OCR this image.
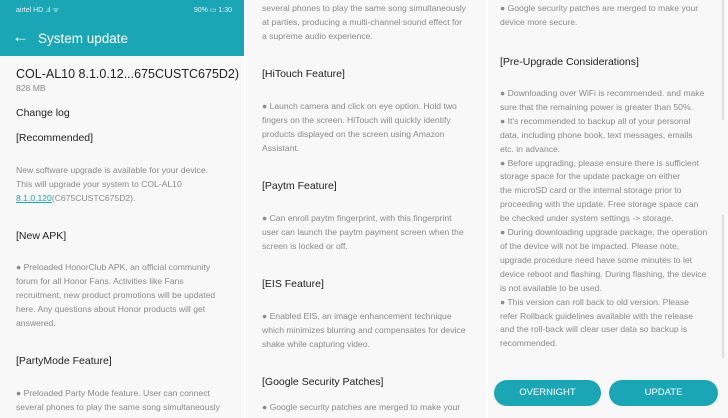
airtel HD .ıl ᯤ	90% ▭ 1:30
← System update
COL-AL10 8.1.0.12...675CUSTC675D2)
828 MB
Change log
[Recommended]
New software upgrade is available for your device.
This will upgrade your system to COL-AL10
8.1.0.120(C675CUSTC675D2).
[New APK]
● Preloaded HonorClub APK, an official community
forum for all Honor Fans. Activities like Fans
recruitment, new product promotions will be updated
here. Any questions about Honor products will get
answered.
[PartyMode Feature]
● Preloaded Party Mode feature. User can connect
several phones to play the same song simultaneously
several phones to play the same song simultaneously
at parties, producing a multi-channel sound effect for
a supreme audio experience.
[HiTouch Feature]
● Launch camera and click on eye option. Hold two
fingers on the screen. HiTouch will quickly identify
products displayed on the screen using Amazon
Assistant.
[Paytm Feature]
● Can enroll paytm fingerprint, with this fingerprint
user can launch the paytm payment screen when the
screen is locked or off.
[EIS Feature]
● Enabled EIS, an image enhancement technique
which minimizes blurring and compensates for device
shake while capturing video.
[Google Security Patches]
● Google security patches are merged to make your
● Google security patches are merged to make your
device more secure.
[Pre-Upgrade Considerations]
● Downloading over WiFi is recommended. and make
sure that the remaining power is greater than 50%.
● It's recommended to backup all of your personal
data, including phone book, text messages, emails
etc. in advance.
● Before upgrading, please ensure there is sufficient
storage space for the update package on either
the microSD card or the internal storage prior to
proceeding with the update. Free storage space can
be checked under system settings -> storage.
● During downloading upgrade package, the operation
of the device will not be impacted. Please note,
upgrade procedure need have some minutes to let
device reboot and flashing. During flashing, the device
is not available to be used.
● This version can roll back to old version. Please
refer Rollback guidelines available with the release
and the roll-back will clear user data so backup is
recommended.
OVERNIGHT	UPDATE
